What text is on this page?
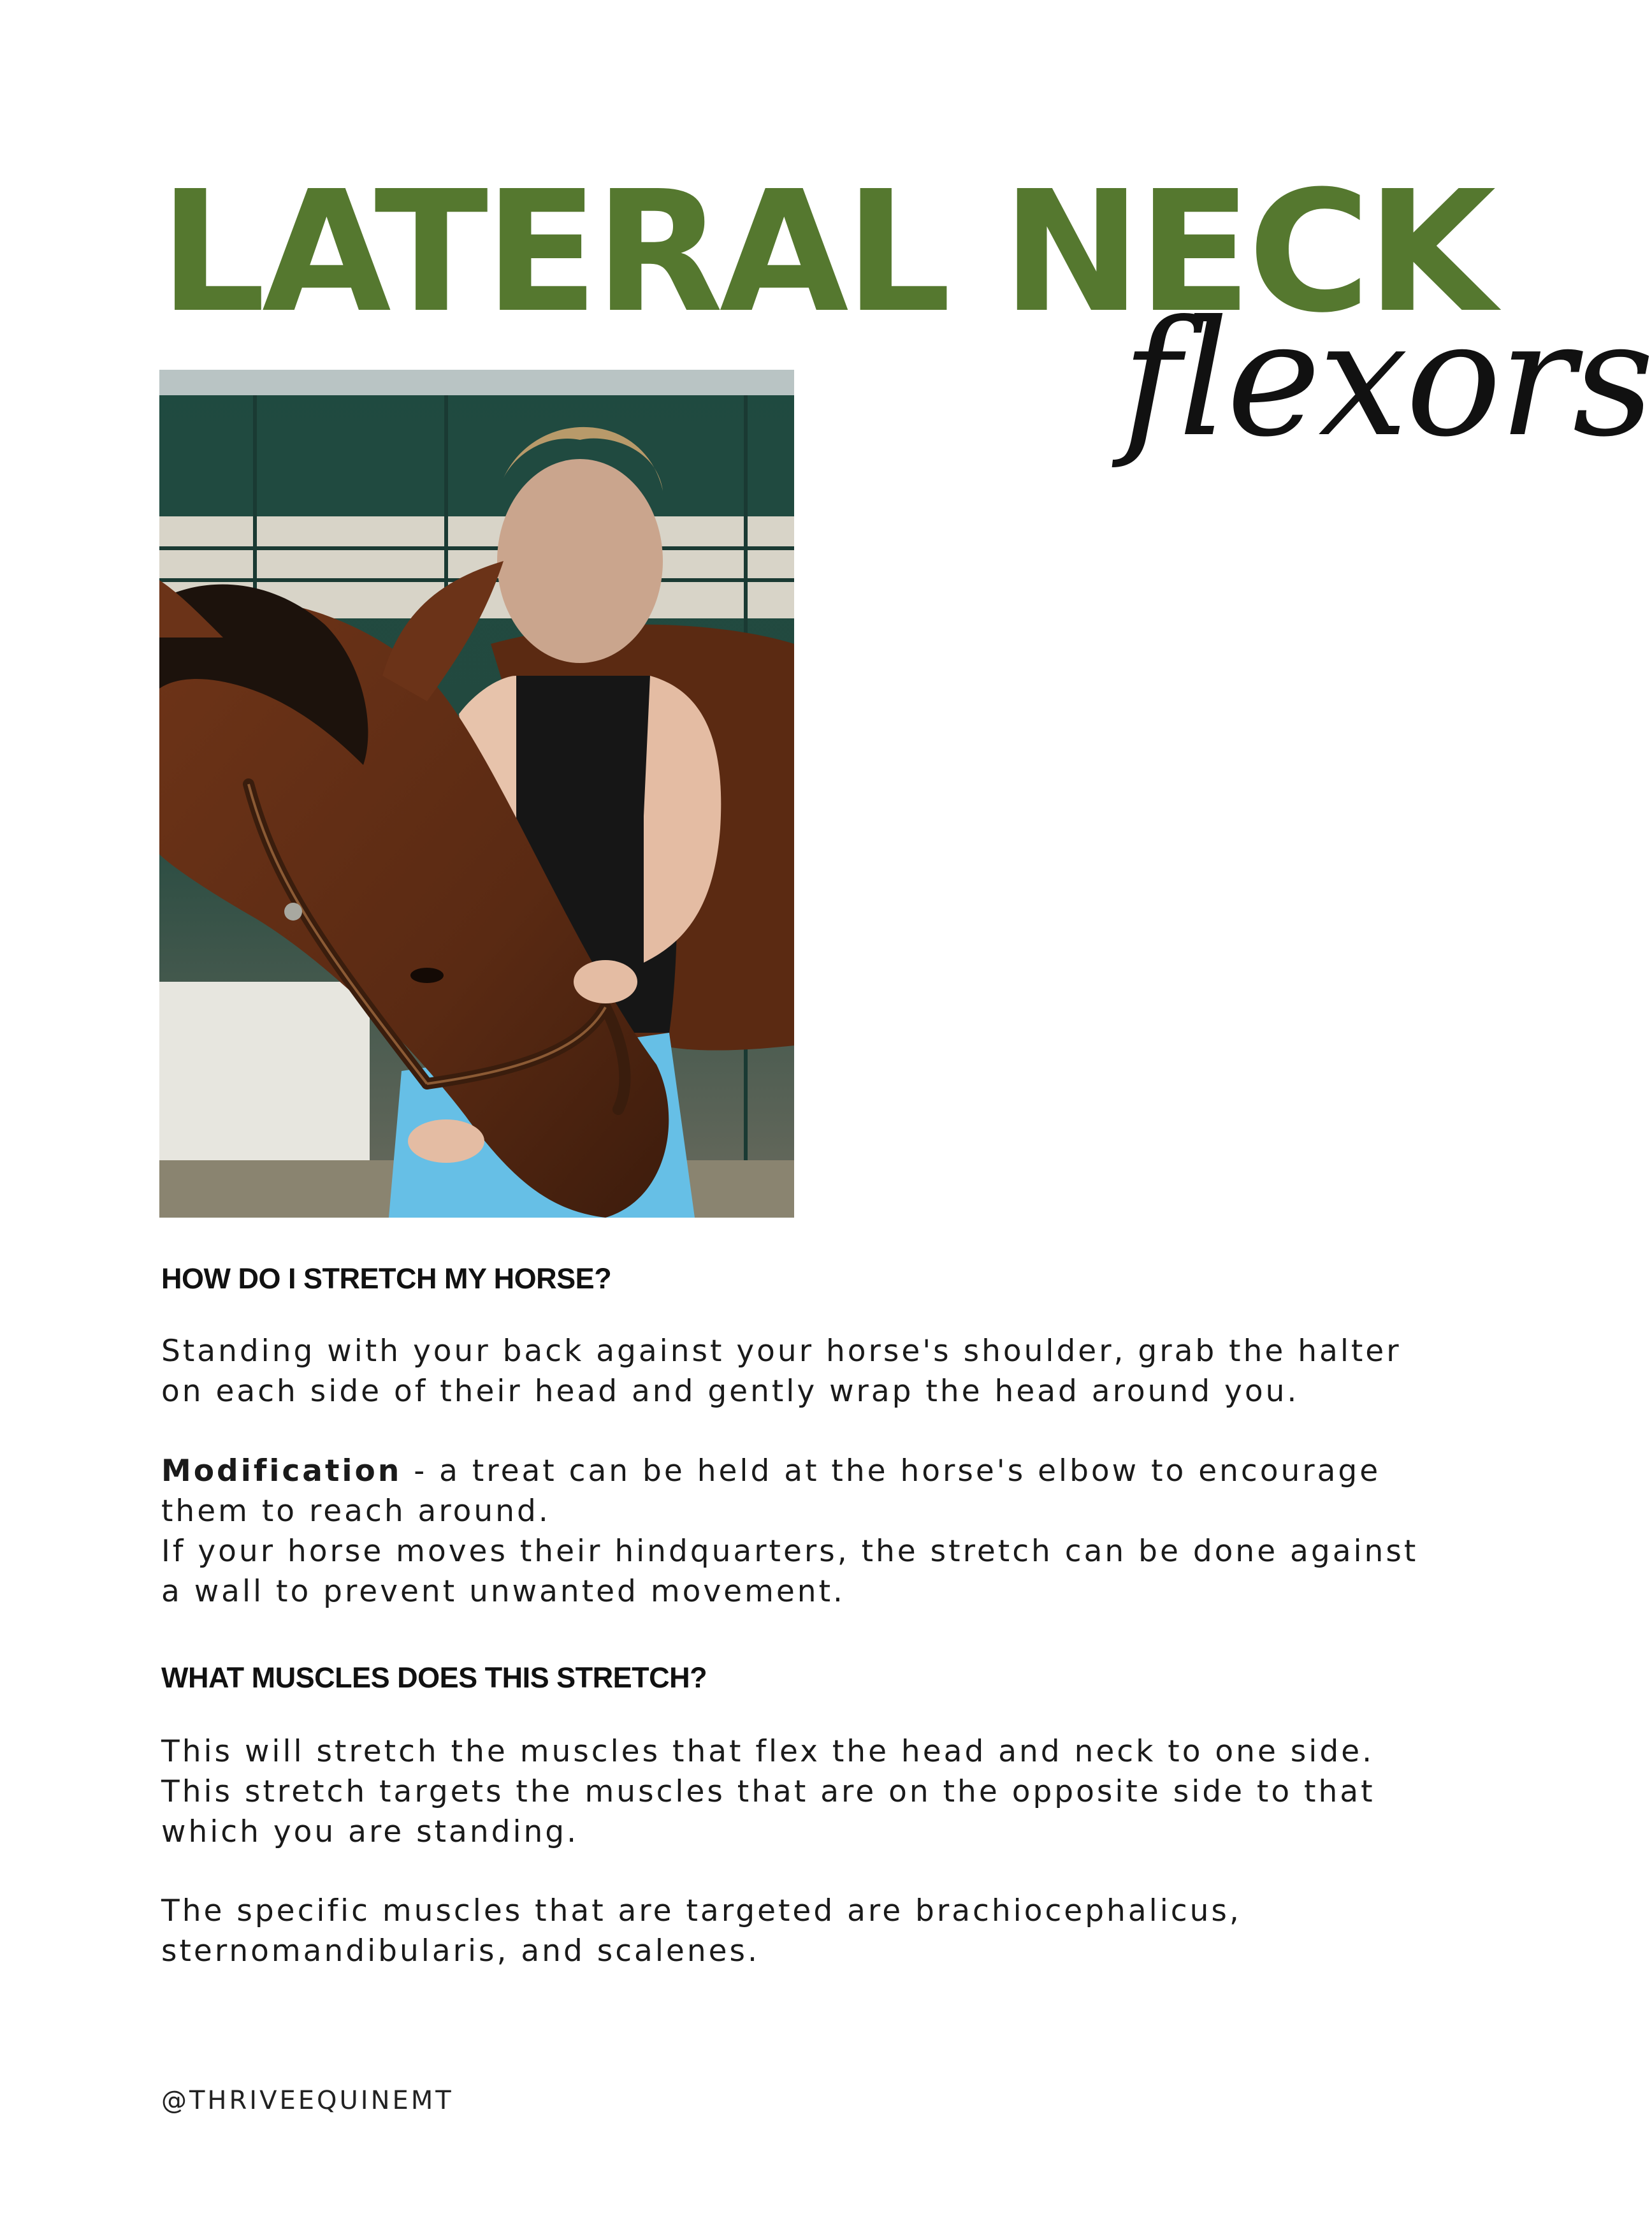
LATERAL NECK
flexors
HOW DO I STRETCH MY HORSE?

Standing with your back against your horse's shoulder, grab the halter
on each side of their head and gently wrap the head around you.

Modification - a treat can be held at the horse's elbow to encourage
them to reach around.
If your horse moves their hindquarters, the stretch can be done against
a wall to prevent unwanted movement.

WHAT MUSCLES DOES THIS STRETCH?

This will stretch the muscles that flex the head and neck to one side.
This stretch targets the muscles that are on the opposite side to that
which you are standing.

The specific muscles that are targeted are brachiocephalicus,
sternomandibularis, and scalenes.

@THRIVEEQUINEMT
